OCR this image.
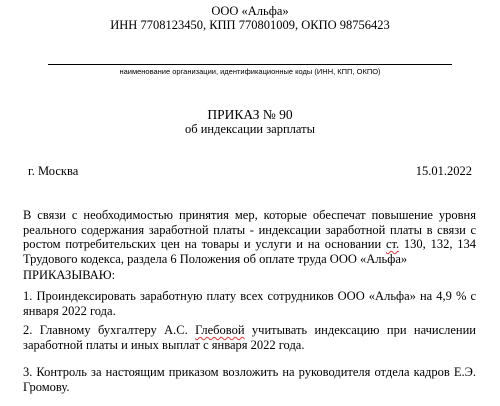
ООО «Альфа»
ИНН 7708123450, КПП 770801009, ОКПО 98756423
наименование организации, идентификационные коды (ИНН, КПП, ОКПО)
ПРИКАЗ № 90
об индексации зарплаты
г. Москва	15.01.2022
В связи с необходимостью принятия мер, которые обеспечат повышение уровня реального содержания заработной платы - индексации заработной платы в связи с ростом потребительских цен на товары и услуги и на основании ст. 130, 132, 134 Трудового кодекса, раздела 6 Положения об оплате труда ООО «Альфа»
ПРИКАЗЫВАЮ:
1. Проиндексировать заработную плату всех сотрудников ООО «Альфа» на 4,9 % с января 2022 года.
2. Главному бухгалтеру А.С. Глебовой учитывать индексацию при начислении заработной платы и иных выплат с января 2022 года.
3. Контроль за настоящим приказом возложить на руководителя отдела кадров Е.Э.
Громову.
